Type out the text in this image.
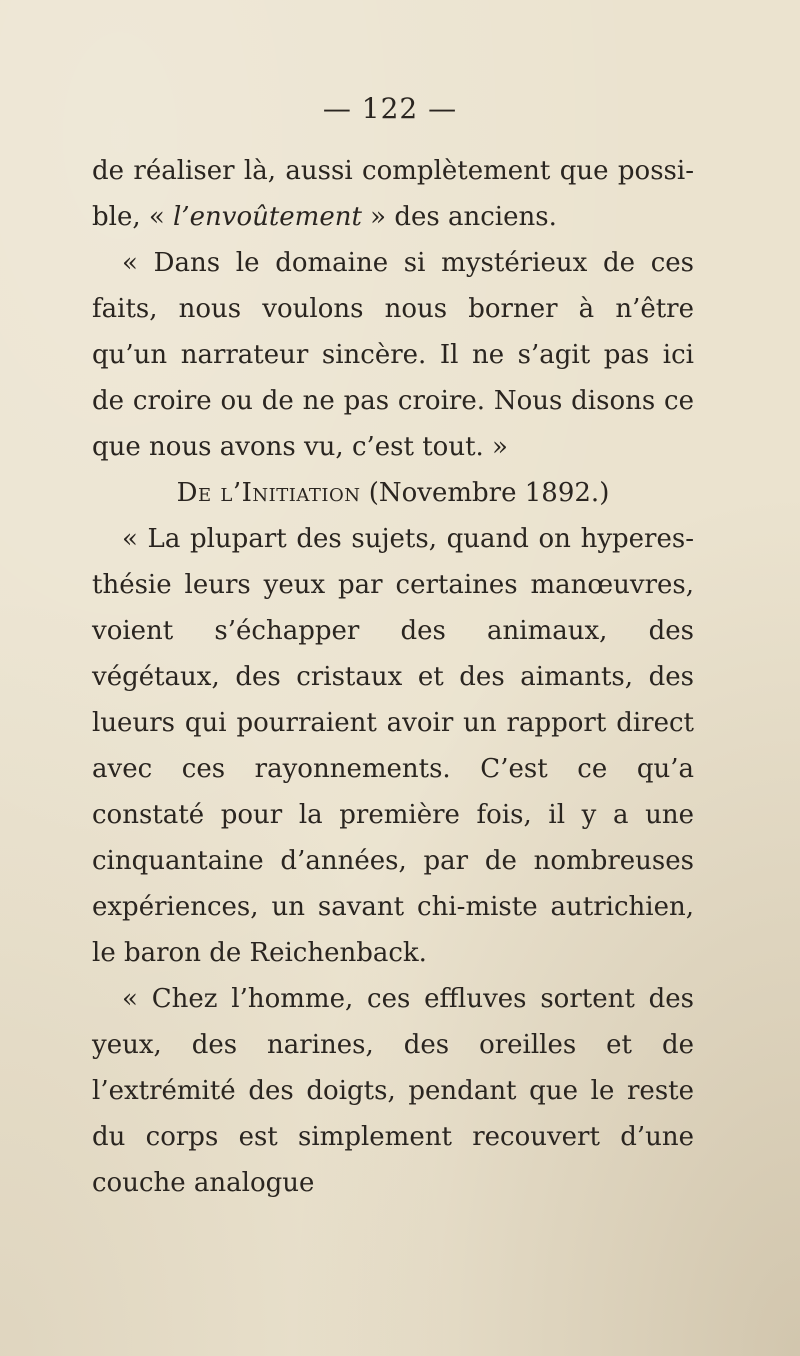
— 122 —

de réaliser là, aussi complètement que possi-ble, « l’envoûtement » des anciens.

« Dans le domaine si mystérieux de ces faits, nous voulons nous borner à n’être qu’un narrateur sincère. Il ne s’agit pas ici de croire ou de ne pas croire. Nous disons ce que nous avons vu, c’est tout. »

De l’Initiation (Novembre 1892.)

« La plupart des sujets, quand on hyperes-thésie leurs yeux par certaines manœuvres, voient s’échapper des animaux, des végétaux, des cristaux et des aimants, des lueurs qui pourraient avoir un rapport direct avec ces rayonnements. C’est ce qu’a constaté pour la première fois, il y a une cinquantaine d’années, par de nombreuses expériences, un savant chi-miste autrichien, le baron de Reichenback.

« Chez l’homme, ces effluves sortent des yeux, des narines, des oreilles et de l’extrémité des doigts, pendant que le reste du corps est simplement recouvert d’une couche analogue
